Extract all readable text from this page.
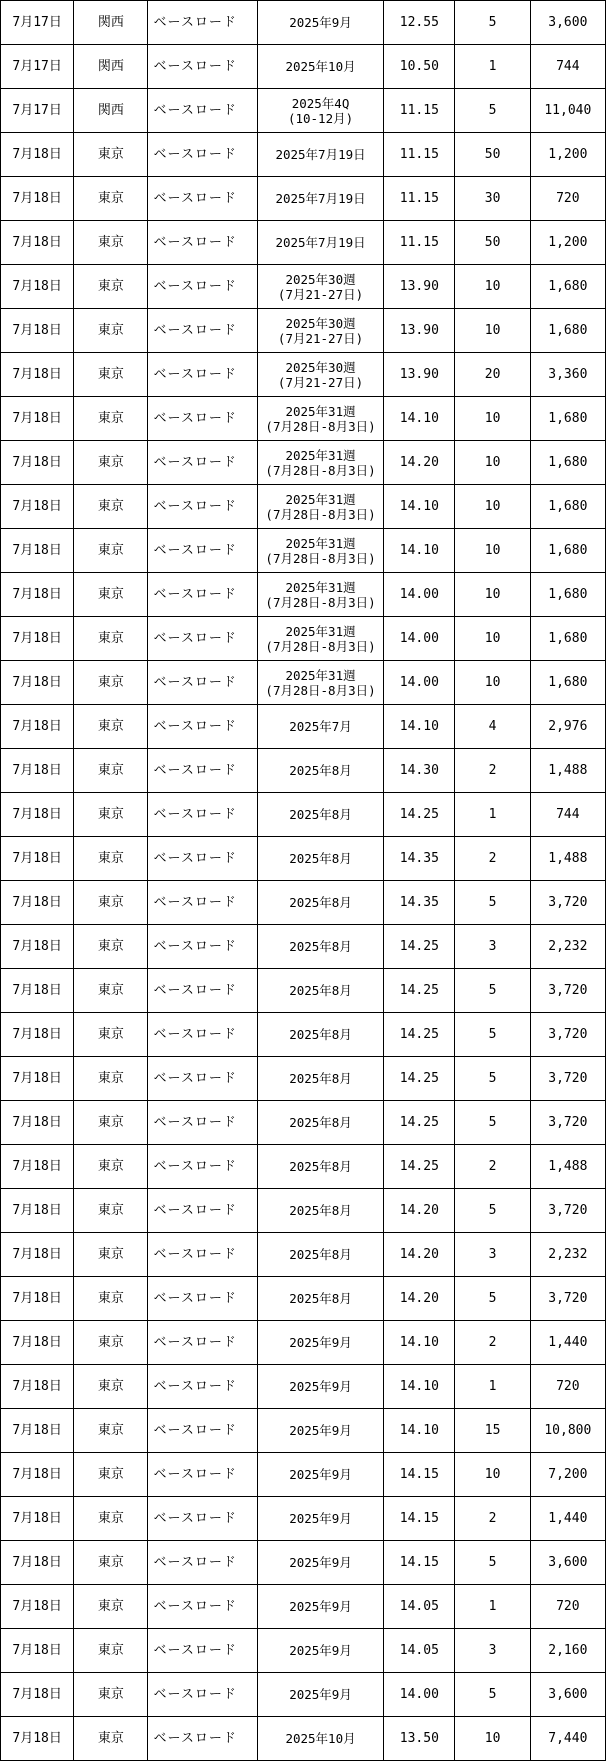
7月17日	関西	ベースロード	2025年9月	12.55	5	3,600
7月17日	関西	ベースロード	2025年10月	10.50	1	744
7月17日	関西	ベースロード	2025年4Q
(10-12月)	11.15	5	11,040
7月18日	東京	ベースロード	2025年7月19日	11.15	50	1,200
7月18日	東京	ベースロード	2025年7月19日	11.15	30	720
7月18日	東京	ベースロード	2025年7月19日	11.15	50	1,200
7月18日	東京	ベースロード	2025年30週
(7月21-27日)	13.90	10	1,680
7月18日	東京	ベースロード	2025年30週
(7月21-27日)	13.90	10	1,680
7月18日	東京	ベースロード	2025年30週
(7月21-27日)	13.90	20	3,360
7月18日	東京	ベースロード	2025年31週
(7月28日-8月3日)	14.10	10	1,680
7月18日	東京	ベースロード	2025年31週
(7月28日-8月3日)	14.20	10	1,680
7月18日	東京	ベースロード	2025年31週
(7月28日-8月3日)	14.10	10	1,680
7月18日	東京	ベースロード	2025年31週
(7月28日-8月3日)	14.10	10	1,680
7月18日	東京	ベースロード	2025年31週
(7月28日-8月3日)	14.00	10	1,680
7月18日	東京	ベースロード	2025年31週
(7月28日-8月3日)	14.00	10	1,680
7月18日	東京	ベースロード	2025年31週
(7月28日-8月3日)	14.00	10	1,680
7月18日	東京	ベースロード	2025年7月	14.10	4	2,976
7月18日	東京	ベースロード	2025年8月	14.30	2	1,488
7月18日	東京	ベースロード	2025年8月	14.25	1	744
7月18日	東京	ベースロード	2025年8月	14.35	2	1,488
7月18日	東京	ベースロード	2025年8月	14.35	5	3,720
7月18日	東京	ベースロード	2025年8月	14.25	3	2,232
7月18日	東京	ベースロード	2025年8月	14.25	5	3,720
7月18日	東京	ベースロード	2025年8月	14.25	5	3,720
7月18日	東京	ベースロード	2025年8月	14.25	5	3,720
7月18日	東京	ベースロード	2025年8月	14.25	5	3,720
7月18日	東京	ベースロード	2025年8月	14.25	2	1,488
7月18日	東京	ベースロード	2025年8月	14.20	5	3,720
7月18日	東京	ベースロード	2025年8月	14.20	3	2,232
7月18日	東京	ベースロード	2025年8月	14.20	5	3,720
7月18日	東京	ベースロード	2025年9月	14.10	2	1,440
7月18日	東京	ベースロード	2025年9月	14.10	1	720
7月18日	東京	ベースロード	2025年9月	14.10	15	10,800
7月18日	東京	ベースロード	2025年9月	14.15	10	7,200
7月18日	東京	ベースロード	2025年9月	14.15	2	1,440
7月18日	東京	ベースロード	2025年9月	14.15	5	3,600
7月18日	東京	ベースロード	2025年9月	14.05	1	720
7月18日	東京	ベースロード	2025年9月	14.05	3	2,160
7月18日	東京	ベースロード	2025年9月	14.00	5	3,600
7月18日	東京	ベースロード	2025年10月	13.50	10	7,440
